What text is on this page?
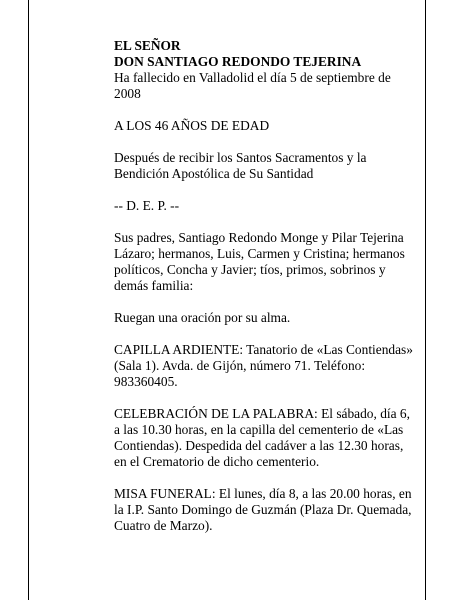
EL SEÑOR

DON SANTIAGO REDONDO TEJERINA

Ha fallecido en Valladolid el día 5 de septiembre de

2008

A LOS 46 AÑOS DE EDAD

Después de recibir los Santos Sacramentos y la

Bendición Apostólica de Su Santidad

-- D. E. P. --

Sus padres, Santiago Redondo Monge y Pilar Tejerina

Lázaro; hermanos, Luis, Carmen y Cristina; hermanos

políticos, Concha y Javier; tíos, primos, sobrinos y

demás familia:

Ruegan una oración por su alma.

CAPILLA ARDIENTE: Tanatorio de «Las Contiendas»

(Sala 1). Avda. de Gijón, número 71. Teléfono:

983360405.

CELEBRACIÓN DE LA PALABRA: El sábado, día 6,

a las 10.30 horas, en la capilla del cementerio de «Las

Contiendas). Despedida del cadáver a las 12.30 horas,

en el Crematorio de dicho cementerio.

MISA FUNERAL: El lunes, día 8, a las 20.00 horas, en

la I.P. Santo Domingo de Guzmán (Plaza Dr. Quemada,

Cuatro de Marzo).
